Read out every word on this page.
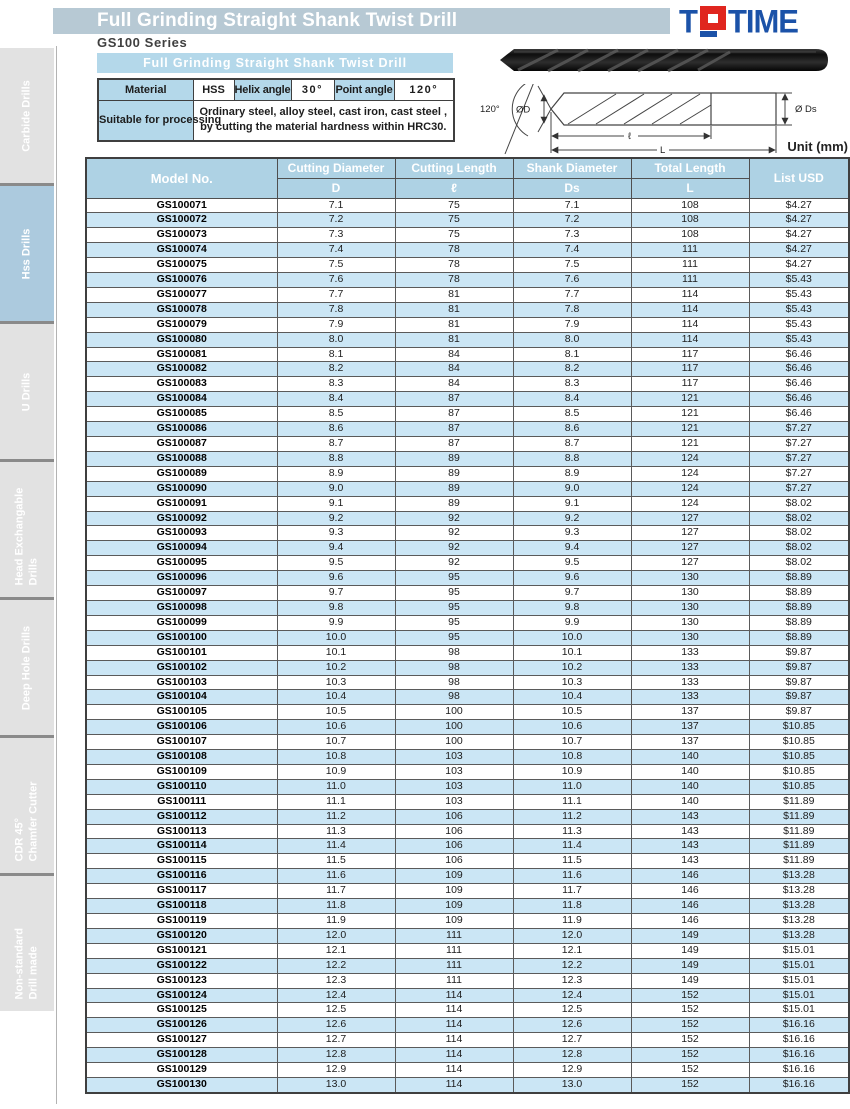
Full Grinding Straight Shank Twist Drill	T TIME
Carbide Drills
Hss Drills
U Drills
Head Exchangable Drills
Deep Hole Drills
CDR 45° Chamfer Cutter
Non-standard Drill made
GS100 Series
Full Grinding Straight Shank Twist Drill
Material	HSS	Helix angle	30°	Point angle	120°
Suitable for processing	Ordinary steel, alloy steel, cast iron, cast steel ,
by cutting the material hardness within HRC30.				
120° ØD	Ø Ds
ℓ
L	Unit (mm)
Model No.	Cutting Diameter	Cutting Length	Shank Diameter	Total Length	List USD
	D	ℓ	Ds	L	
GS100071	7.1	75	7.1	108	$4.27
GS100072	7.2	75	7.2	108	$4.27
GS100073	7.3	75	7.3	108	$4.27
GS100074	7.4	78	7.4	111	$4.27
GS100075	7.5	78	7.5	111	$4.27
GS100076	7.6	78	7.6	111	$5.43
GS100077	7.7	81	7.7	114	$5.43
GS100078	7.8	81	7.8	114	$5.43
GS100079	7.9	81	7.9	114	$5.43
GS100080	8.0	81	8.0	114	$5.43
GS100081	8.1	84	8.1	117	$6.46
GS100082	8.2	84	8.2	117	$6.46
GS100083	8.3	84	8.3	117	$6.46
GS100084	8.4	87	8.4	121	$6.46
GS100085	8.5	87	8.5	121	$6.46
GS100086	8.6	87	8.6	121	$7.27
GS100087	8.7	87	8.7	121	$7.27
GS100088	8.8	89	8.8	124	$7.27
GS100089	8.9	89	8.9	124	$7.27
GS100090	9.0	89	9.0	124	$7.27
GS100091	9.1	89	9.1	124	$8.02
GS100092	9.2	92	9.2	127	$8.02
GS100093	9.3	92	9.3	127	$8.02
GS100094	9.4	92	9.4	127	$8.02
GS100095	9.5	92	9.5	127	$8.02
GS100096	9.6	95	9.6	130	$8.89
GS100097	9.7	95	9.7	130	$8.89
GS100098	9.8	95	9.8	130	$8.89
GS100099	9.9	95	9.9	130	$8.89
GS100100	10.0	95	10.0	130	$8.89
GS100101	10.1	98	10.1	133	$9.87
GS100102	10.2	98	10.2	133	$9.87
GS100103	10.3	98	10.3	133	$9.87
GS100104	10.4	98	10.4	133	$9.87
GS100105	10.5	100	10.5	137	$9.87
GS100106	10.6	100	10.6	137	$10.85
GS100107	10.7	100	10.7	137	$10.85
GS100108	10.8	103	10.8	140	$10.85
GS100109	10.9	103	10.9	140	$10.85
GS100110	11.0	103	11.0	140	$10.85
GS100111	11.1	103	11.1	140	$11.89
GS100112	11.2	106	11.2	143	$11.89
GS100113	11.3	106	11.3	143	$11.89
GS100114	11.4	106	11.4	143	$11.89
GS100115	11.5	106	11.5	143	$11.89
GS100116	11.6	109	11.6	146	$13.28
GS100117	11.7	109	11.7	146	$13.28
GS100118	11.8	109	11.8	146	$13.28
GS100119	11.9	109	11.9	146	$13.28
GS100120	12.0	111	12.0	149	$13.28
GS100121	12.1	111	12.1	149	$15.01
GS100122	12.2	111	12.2	149	$15.01
GS100123	12.3	111	12.3	149	$15.01
GS100124	12.4	114	12.4	152	$15.01
GS100125	12.5	114	12.5	152	$15.01
GS100126	12.6	114	12.6	152	$16.16
GS100127	12.7	114	12.7	152	$16.16
GS100128	12.8	114	12.8	152	$16.16
GS100129	12.9	114	12.9	152	$16.16
GS100130	13.0	114	13.0	152	$16.16
